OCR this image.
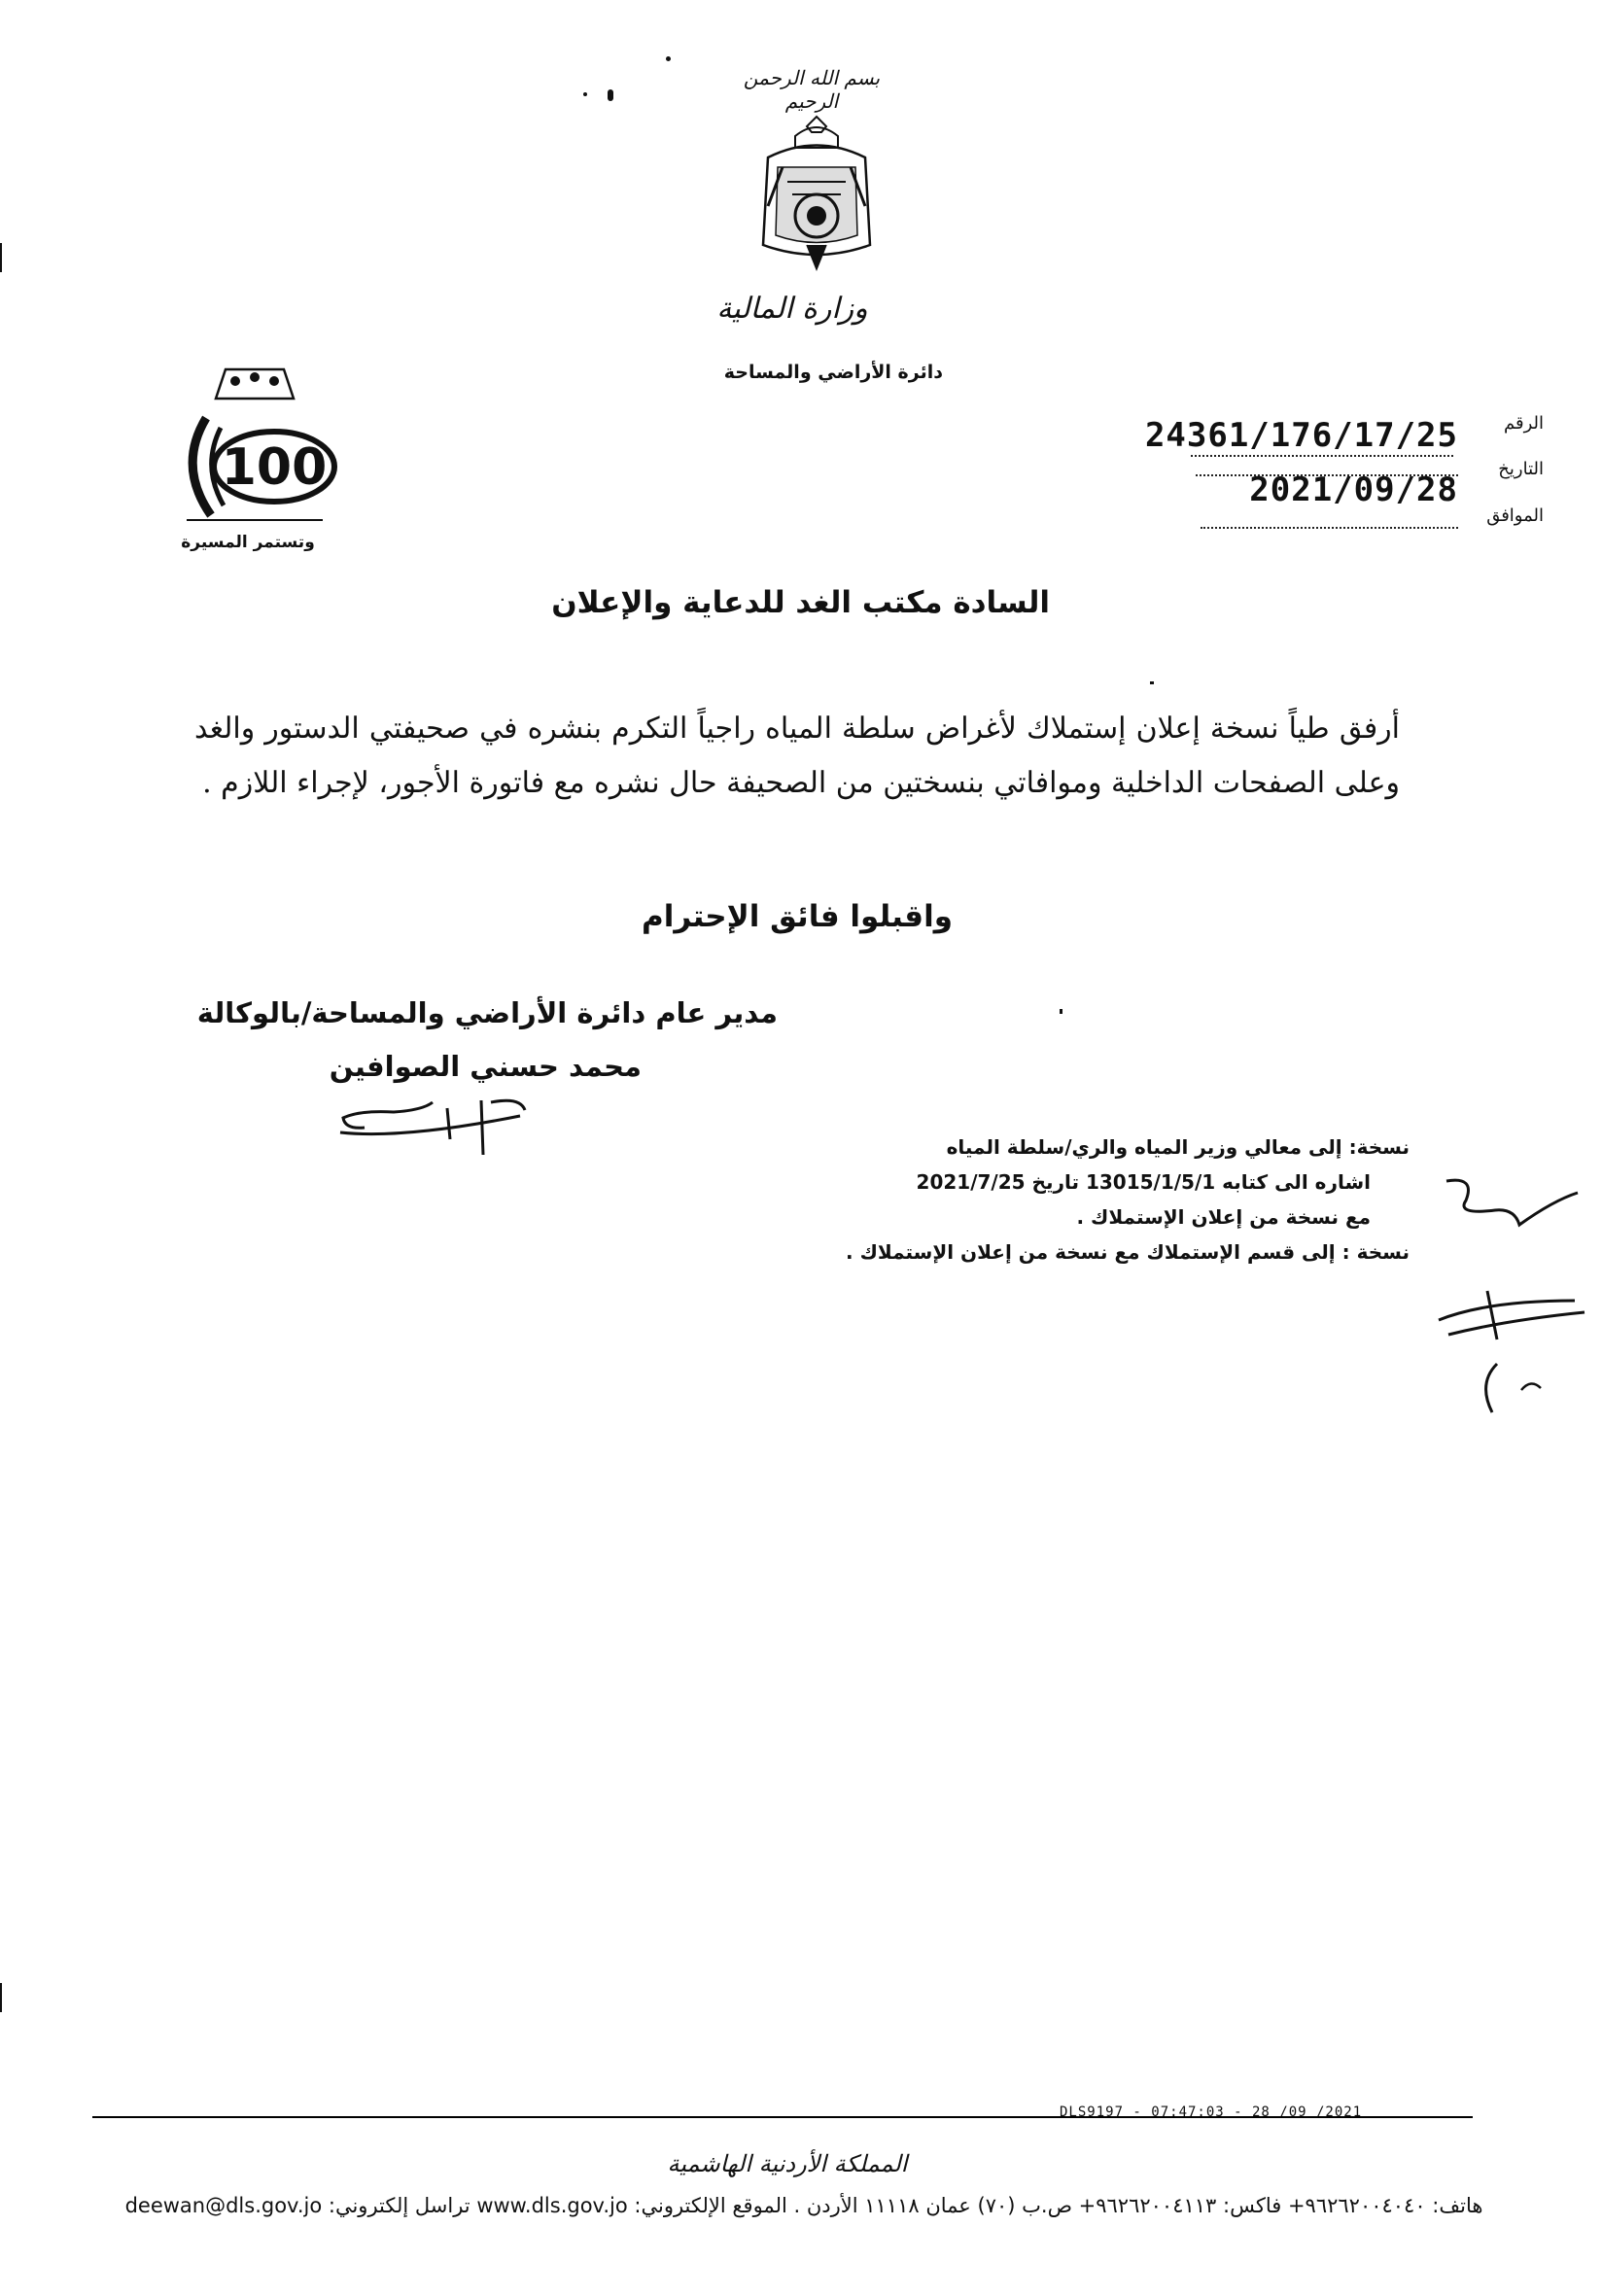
بسم الله الرحمن الرحيم
وزارة المالية
دائرة الأراضي والمساحة
100
وتستمر المسيرة
الرقم
24361/176/17/25
التاريخ
2021/09/28
الموافق
السادة مكتب الغد للدعاية والإعلان
أرفق طياً نسخة إعلان إستملاك لأغراض سلطة المياه راجياً التكرم بنشره في صحيفتي الدستور والغد وعلى الصفحات الداخلية وموافاتي بنسختين من الصحيفة حال نشره مع فاتورة الأجور، لإجراء اللازم .
واقبلوا فائق الإحترام
مدير عام دائرة الأراضي والمساحة/بالوكالة
محمد حسني الصوافين
نسخة: إلى معالي وزير المياه والري/سلطة المياه
اشاره الى كتابه 13015/1/5/1 تاريخ 2021/7/25
مع نسخة من إعلان الإستملاك .
نسخة : إلى قسم الإستملاك مع نسخة من إعلان الإستملاك .
DLS9197 - 07:47:03 - 28 /09 /2021
المملكة الأردنية الهاشمية
هاتف: ٩٦٢٦٢٠٠٤٠٤٠+ فاكس: ٩٦٢٦٢٠٠٤١١٣+ ص.ب (٧٠) عمان ١١١١٨ الأردن . الموقع الإلكتروني: www.dls.gov.jo تراسل إلكتروني: deewan@dls.gov.jo
